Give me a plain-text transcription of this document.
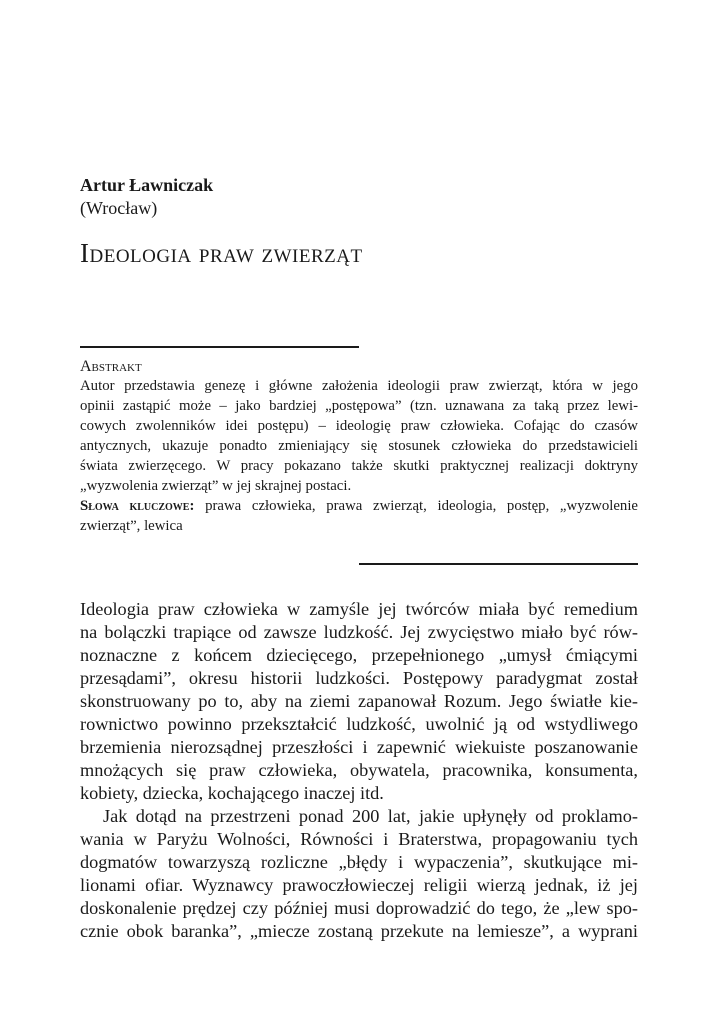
Artur Ławniczak
(Wrocław)
Ideologia praw zwierząt
Abstrakt
Autor przedstawia genezę i główne założenia ideologii praw zwierząt, która w jego
opinii zastąpić może – jako bardziej „postępowa” (tzn. uznawana za taką przez lewi-
cowych zwolenników idei postępu) – ideologię praw człowieka. Cofając do czasów
antycznych, ukazuje ponadto zmieniający się stosunek człowieka do przedstawicieli
świata zwierzęcego. W pracy pokazano także skutki praktycznej realizacji doktryny
„wyzwolenia zwierząt” w jej skrajnej postaci.
Słowa kluczowe: prawa człowieka, prawa zwierząt, ideologia, postęp, „wyzwolenie
zwierząt”, lewica
Ideologia praw człowieka w zamyśle jej twórców miała być remedium
na bolączki trapiące od zawsze ludzkość. Jej zwycięstwo miało być rów-
noznaczne z końcem dziecięcego, przepełnionego „umysł ćmiącymi
przesądami”, okresu historii ludzkości. Postępowy paradygmat został
skonstruowany po to, aby na ziemi zapanował Rozum. Jego światłe kie-
rownictwo powinno przekształcić ludzkość, uwolnić ją od wstydliwego
brzemienia nierozsądnej przeszłości i zapewnić wiekuiste poszanowanie
mnożących się praw człowieka, obywatela, pracownika, konsumenta,
kobiety, dziecka, kochającego inaczej itd.
Jak dotąd na przestrzeni ponad 200 lat, jakie upłynęły od proklamo-
wania w Paryżu Wolności, Równości i Braterstwa, propagowaniu tych
dogmatów towarzyszą rozliczne „błędy i wypaczenia”, skutkujące mi-
lionami ofiar. Wyznawcy prawoczłowieczej religii wierzą jednak, iż jej
doskonalenie prędzej czy później musi doprowadzić do tego, że „lew spo-
cznie obok baranka”, „miecze zostaną przekute na lemiesze”, a wyprani
